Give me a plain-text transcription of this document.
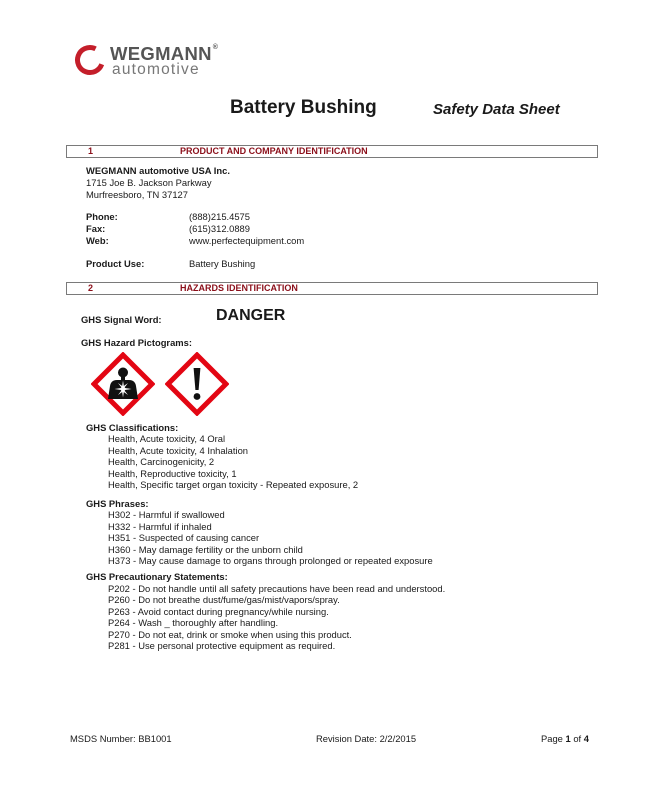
WEGMANN®
automotive
Battery Bushing	Safety Data Sheet
1	PRODUCT AND COMPANY IDENTIFICATION
WEGMANN automotive USA Inc.
1715 Joe B. Jackson Parkway
Murfreesboro, TN 37127
Phone:	(888)215.4575
Fax:	(615)312.0889
Web:	www.perfectequipment.com
Product Use:	Battery Bushing
2	HAZARDS IDENTIFICATION
GHS Signal Word:	DANGER
GHS Hazard Pictograms:
GHS Classifications:
Health, Acute toxicity, 4 Oral
Health, Acute toxicity, 4 Inhalation
Health, Carcinogenicity, 2
Health, Reproductive toxicity, 1
Health, Specific target organ toxicity - Repeated exposure, 2
GHS Phrases:
H302 - Harmful if swallowed
H332 - Harmful if inhaled
H351 - Suspected of causing cancer
H360 - May damage fertility or the unborn child
H373 - May cause damage to organs through prolonged or repeated exposure
GHS Precautionary Statements:
P202 - Do not handle until all safety precautions have been read and understood.
P260 - Do not breathe dust/fume/gas/mist/vapors/spray.
P263 - Avoid contact during pregnancy/while nursing.
P264 - Wash _ thoroughly after handling.
P270 - Do not eat, drink or smoke when using this product.
P281 - Use personal protective equipment as required.
MSDS Number: BB1001	Revision Date: 2/2/2015	Page 1 of 4
